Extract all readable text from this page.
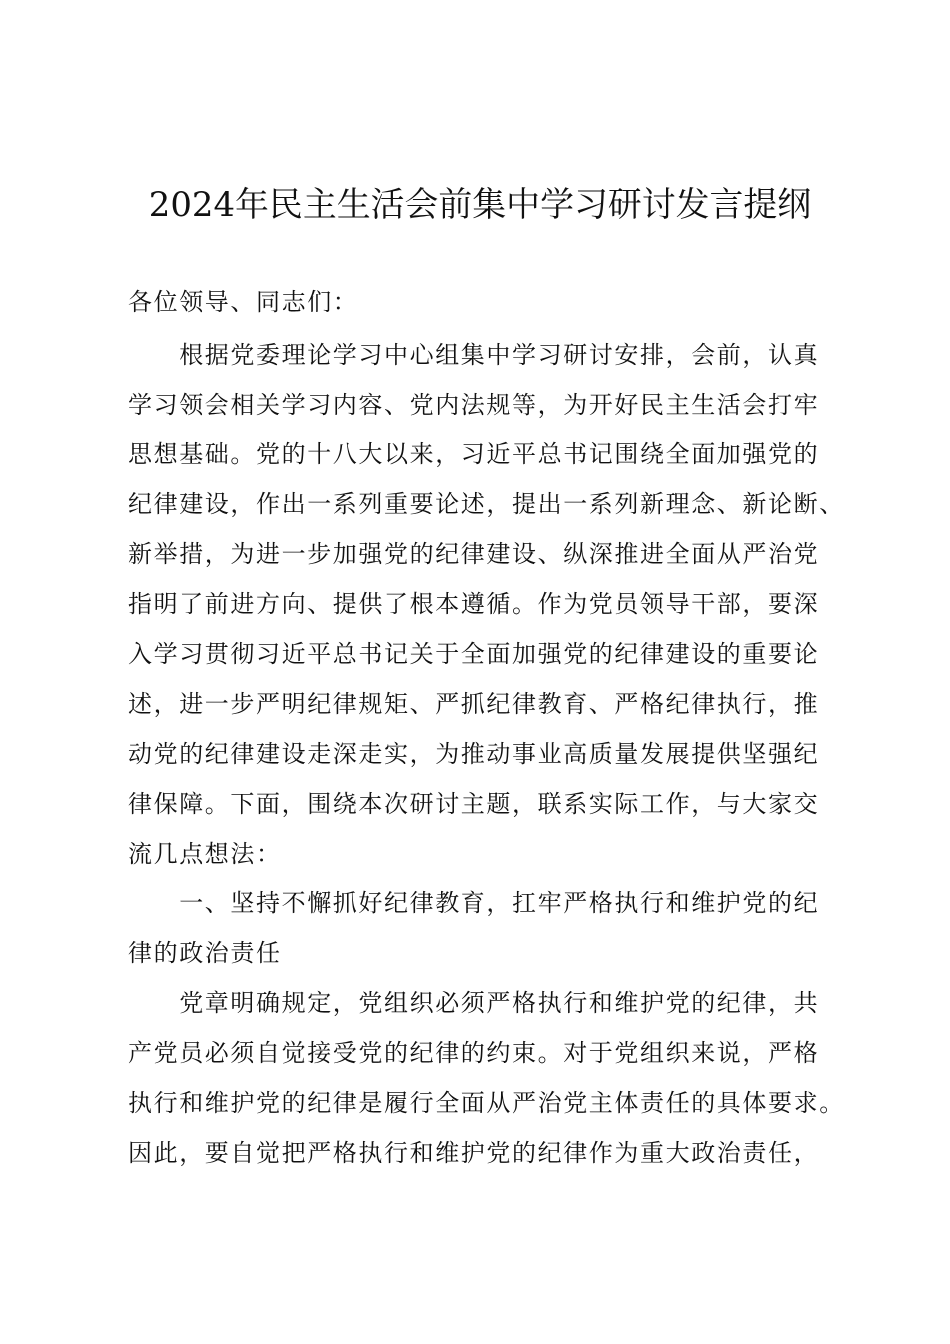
2024年民主生活会前集中学习研讨发言提纲
各位领导、同志们：
　　根据党委理论学习中心组集中学习研讨安排，会前，认真
学习领会相关学习内容、党内法规等，为开好民主生活会打牢
思想基础。党的十八大以来，习近平总书记围绕全面加强党的
纪律建设，作出一系列重要论述，提出一系列新理念、新论断、
新举措，为进一步加强党的纪律建设、纵深推进全面从严治党
指明了前进方向、提供了根本遵循。作为党员领导干部，要深
入学习贯彻习近平总书记关于全面加强党的纪律建设的重要论
述，进一步严明纪律规矩、严抓纪律教育、严格纪律执行，推
动党的纪律建设走深走实，为推动事业高质量发展提供坚强纪
律保障。下面，围绕本次研讨主题，联系实际工作，与大家交
流几点想法：
　　一、坚持不懈抓好纪律教育，扛牢严格执行和维护党的纪
律的政治责任
　　党章明确规定，党组织必须严格执行和维护党的纪律，共
产党员必须自觉接受党的纪律的约束。对于党组织来说，严格
执行和维护党的纪律是履行全面从严治党主体责任的具体要求。
因此，要自觉把严格执行和维护党的纪律作为重大政治责任，
